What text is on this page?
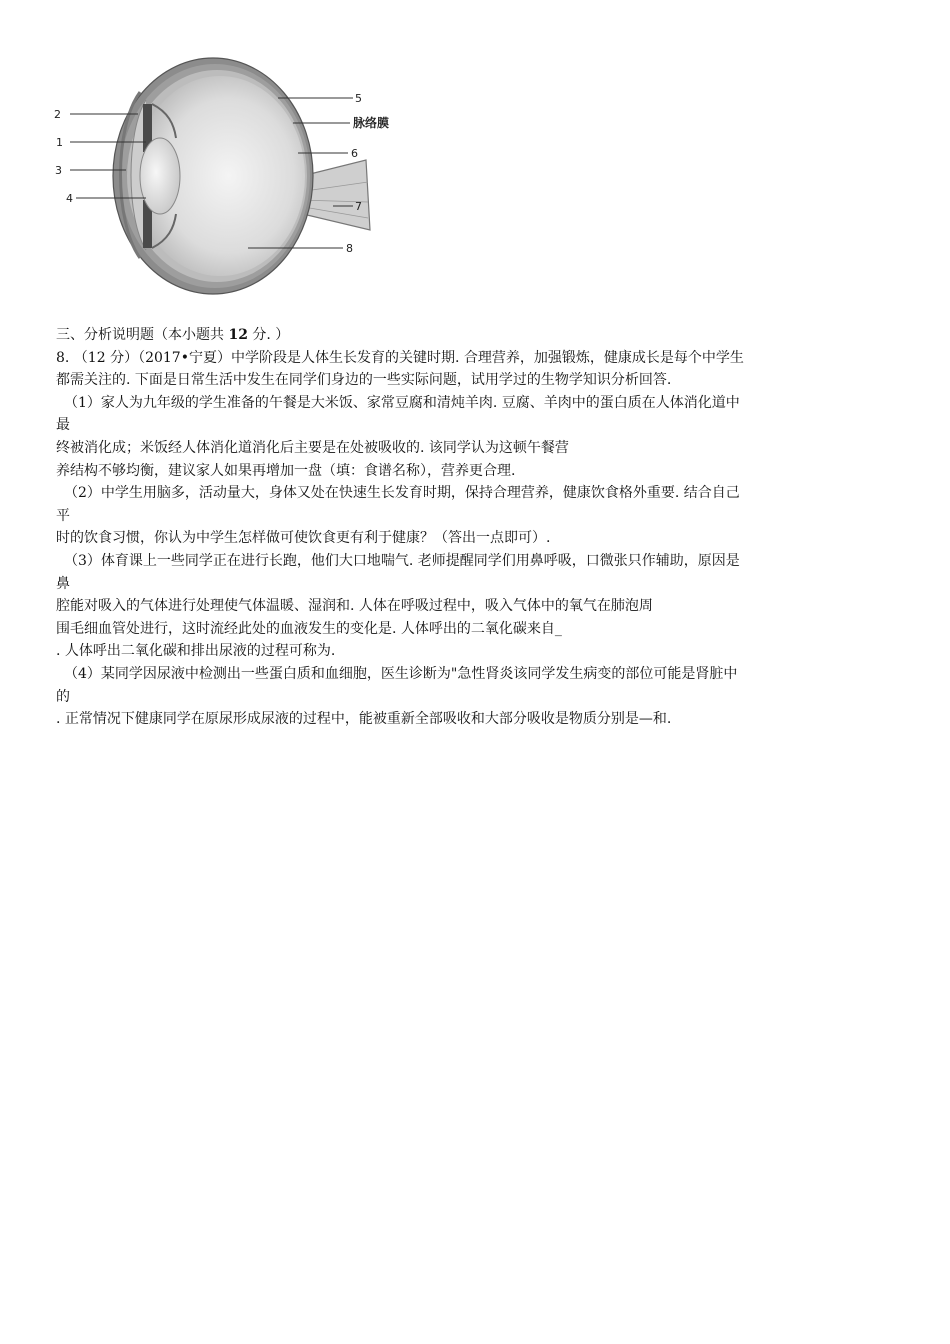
2
1
3
4
5
脉络膜
6
7
8
三、分析说明题（本小题共 12 分. ）
8. （12 分）（2017•宁夏）中学阶段是人体生长发育的关键时期. 合理营养，加强锻炼，健康成长是每个中学生
都需关注的. 下面是日常生活中发生在同学们身边的一些实际问题，试用学过的生物学知识分析回答.
（1）家人为九年级的学生准备的午餐是大米饭、家常豆腐和清炖羊肉. 豆腐、羊肉中的蛋白质在人体消化道中
最
终被消化成；米饭经人体消化道消化后主要是在处被吸收的. 该同学认为这顿午餐营
养结构不够均衡，建议家人如果再增加一盘（填：食谱名称），营养更合理.
（2）中学生用脑多，活动量大，身体又处在快速生长发育时期，保持合理营养，健康饮食格外重要. 结合自己
平
时的饮食习惯，你认为中学生怎样做可使饮食更有利于健康？（答出一点即可）.
（3）体育课上一些同学正在进行长跑，他们大口地喘气. 老师提醒同学们用鼻呼吸，口微张只作辅助，原因是
鼻
腔能对吸入的气体进行处理使气体温暖、湿润和. 人体在呼吸过程中，吸入气体中的氧气在肺泡周
围毛细血管处进行，这时流经此处的血液发生的变化是. 人体呼出的二氧化碳来自_
. 人体呼出二氧化碳和排出尿液的过程可称为.
（4）某同学因尿液中检测出一些蛋白质和血细胞，医生诊断为"急性肾炎该同学发生病变的部位可能是肾脏中
的
. 正常情况下健康同学在原尿形成尿液的过程中，能被重新全部吸收和大部分吸收是物质分别是—和.
